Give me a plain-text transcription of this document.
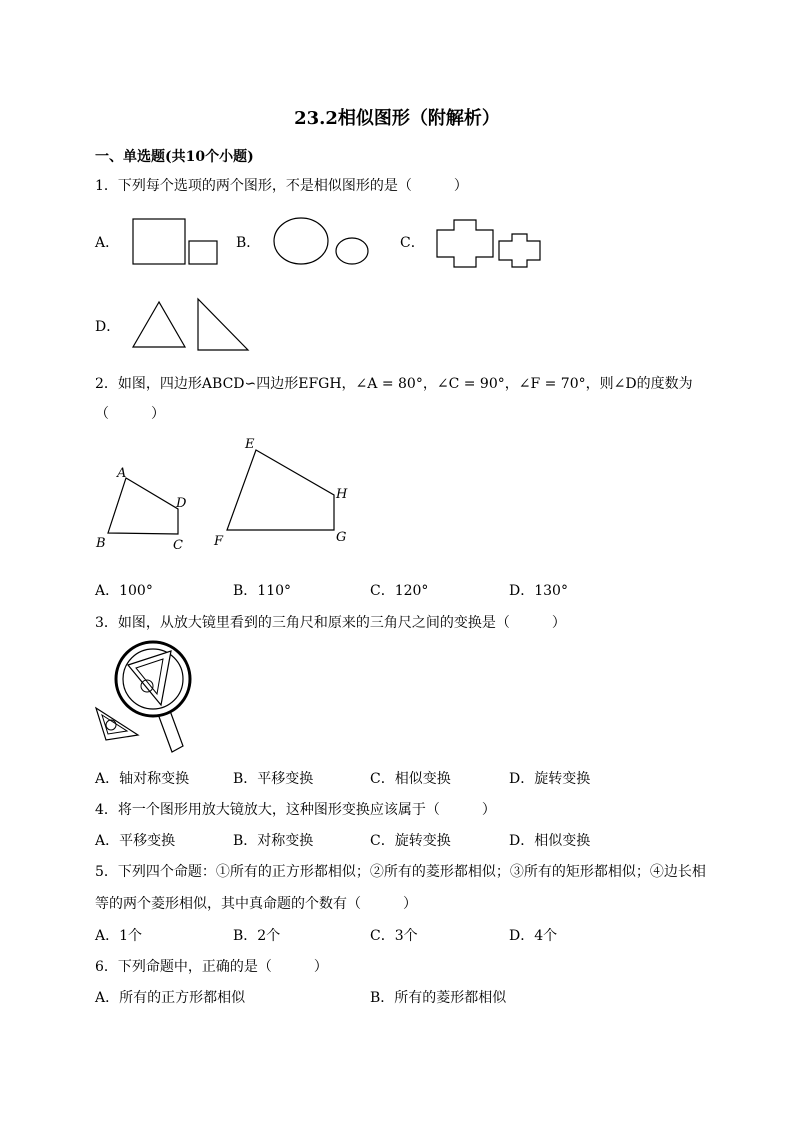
23.2相似图形（附解析）
一、单选题(共10个小题)
1．下列每个选项的两个图形，不是相似图形的是（　　　）
A．	B．	C．
D．
2．如图，四边形ABCD∽四边形EFGH，∠A = 80°，∠C = 90°，∠F = 70°，则∠D的度数为
（　　　）
A
B	C
D
E
F	G
H
A．100°	B．110°	C．120°	D．130°
3．如图，从放大镜里看到的三角尺和原来的三角尺之间的变换是（　　　）
A．轴对称变换	B．平移变换	C．相似变换	D．旋转变换
4．将一个图形用放大镜放大，这种图形变换应该属于（　　　）
A．平移变换	B．对称变换	C．旋转变换	D．相似变换
5．下列四个命题：①所有的正方形都相似；②所有的菱形都相似；③所有的矩形都相似；④边长相
等的两个菱形相似，其中真命题的个数有（　　　）
A．1个	B．2个	C．3个	D．4个
6．下列命题中，正确的是（　　　）
A．所有的正方形都相似	B．所有的菱形都相似
